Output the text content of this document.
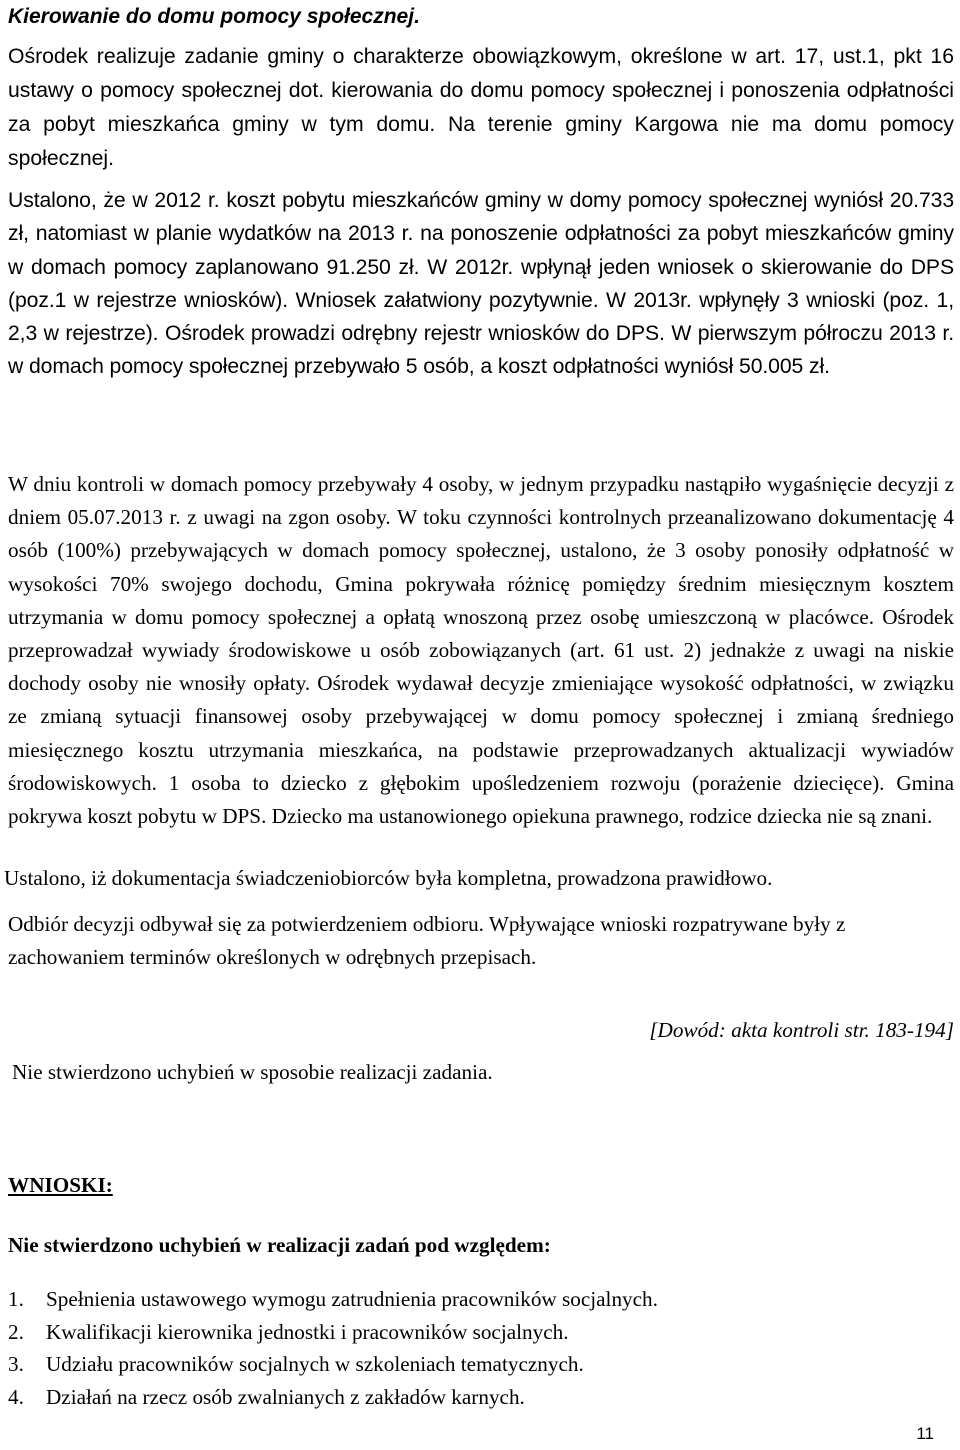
Kierowanie do domu pomocy społecznej.

Ośrodek realizuje zadanie gminy o charakterze obowiązkowym, określone w art. 17, ust.1, pkt 16 ustawy o pomocy społecznej dot. kierowania do domu pomocy społecznej i ponoszenia odpłatności za pobyt mieszkańca gminy w tym domu. Na terenie gminy Kargowa nie ma domu pomocy społecznej.

Ustalono, że w 2012 r. koszt pobytu mieszkańców gminy w domy pomocy społecznej wyniósł 20.733 zł, natomiast w planie wydatków na 2013 r. na ponoszenie odpłatności za pobyt mieszkańców gminy w domach pomocy zaplanowano 91.250 zł. W 2012r. wpłynął jeden wniosek o skierowanie do DPS (poz.1 w rejestrze wniosków). Wniosek załatwiony pozytywnie. W 2013r. wpłynęły 3 wnioski (poz. 1, 2,3 w rejestrze). Ośrodek prowadzi odrębny rejestr wniosków do DPS. W pierwszym półroczu 2013 r. w domach pomocy społecznej przebywało 5 osób, a koszt odpłatności wyniósł 50.005 zł.

W dniu kontroli w domach pomocy przebywały 4 osoby, w jednym przypadku nastąpiło wygaśnięcie decyzji z dniem 05.07.2013 r. z uwagi na zgon osoby. W toku czynności kontrolnych przeanalizowano dokumentację 4 osób (100%) przebywających w domach pomocy społecznej, ustalono, że 3 osoby ponosiły odpłatność w wysokości 70% swojego dochodu, Gmina pokrywała różnicę pomiędzy średnim miesięcznym kosztem utrzymania w domu pomocy społecznej a opłatą wnoszoną przez osobę umieszczoną w placówce. Ośrodek przeprowadzał wywiady środowiskowe u osób zobowiązanych (art. 61 ust. 2) jednakże z uwagi na niskie dochody osoby nie wnosiły opłaty. Ośrodek wydawał decyzje zmieniające wysokość odpłatności, w związku ze zmianą sytuacji finansowej osoby przebywającej w domu pomocy społecznej i zmianą średniego miesięcznego kosztu utrzymania mieszkańca, na podstawie przeprowadzanych aktualizacji wywiadów środowiskowych. 1 osoba to dziecko z głębokim upośledzeniem rozwoju (porażenie dziecięce). Gmina pokrywa koszt pobytu w DPS. Dziecko ma ustanowionego opiekuna prawnego, rodzice dziecka nie są znani.

Ustalono, iż dokumentacja świadczeniobiorców była kompletna, prowadzona prawidłowo.

Odbiór decyzji odbywał się za potwierdzeniem odbioru. Wpływające wnioski rozpatrywane były z zachowaniem terminów określonych w odrębnych przepisach.

[Dowód: akta kontroli str. 183-194]

Nie stwierdzono uchybień w sposobie realizacji zadania.

WNIOSKI:

Nie stwierdzono uchybień w realizacji zadań pod względem:

1.	Spełnienia ustawowego wymogu zatrudnienia pracowników socjalnych.
2.	Kwalifikacji kierownika jednostki i pracowników socjalnych.
3.	Udziału pracowników socjalnych w szkoleniach tematycznych.
4.	Działań na rzecz osób zwalnianych z zakładów karnych.

11
